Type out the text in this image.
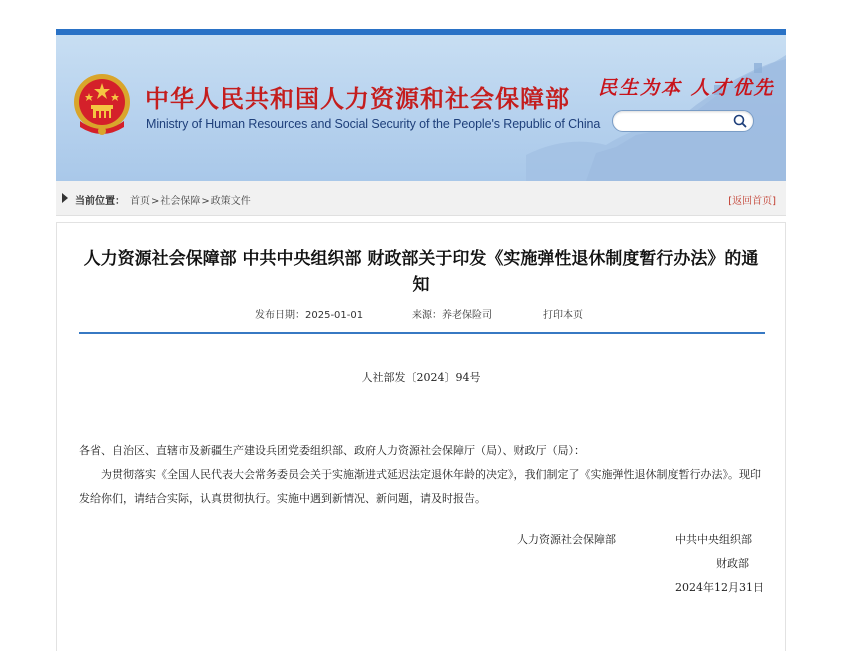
中华人民共和国人力资源和社会保障部
Ministry of Human Resources and Social Security of the People's Republic of China
民生为本 人才优先
当前位置： 首页>社会保障>政策文件	[返回首页]
人力资源社会保障部 中共中央组织部 财政部关于印发《实施弹性退休制度暂行办法》的通知
发布日期：2025-01-01	来源：养老保险司	打印本页
人社部发〔2024〕94号

各省、自治区、直辖市及新疆生产建设兵团党委组织部、政府人力资源社会保障厅（局）、财政厅（局）：

为贯彻落实《全国人民代表大会常务委员会关于实施渐进式延迟法定退休年龄的决定》，我们制定了《实施弹性退休制度暂行办法》。现印发给你们，请结合实际，认真贯彻执行。实施中遇到新情况、新问题，请及时报告。

人力资源社会保障部	中共中央组织部
财政部
2024年12月31日
